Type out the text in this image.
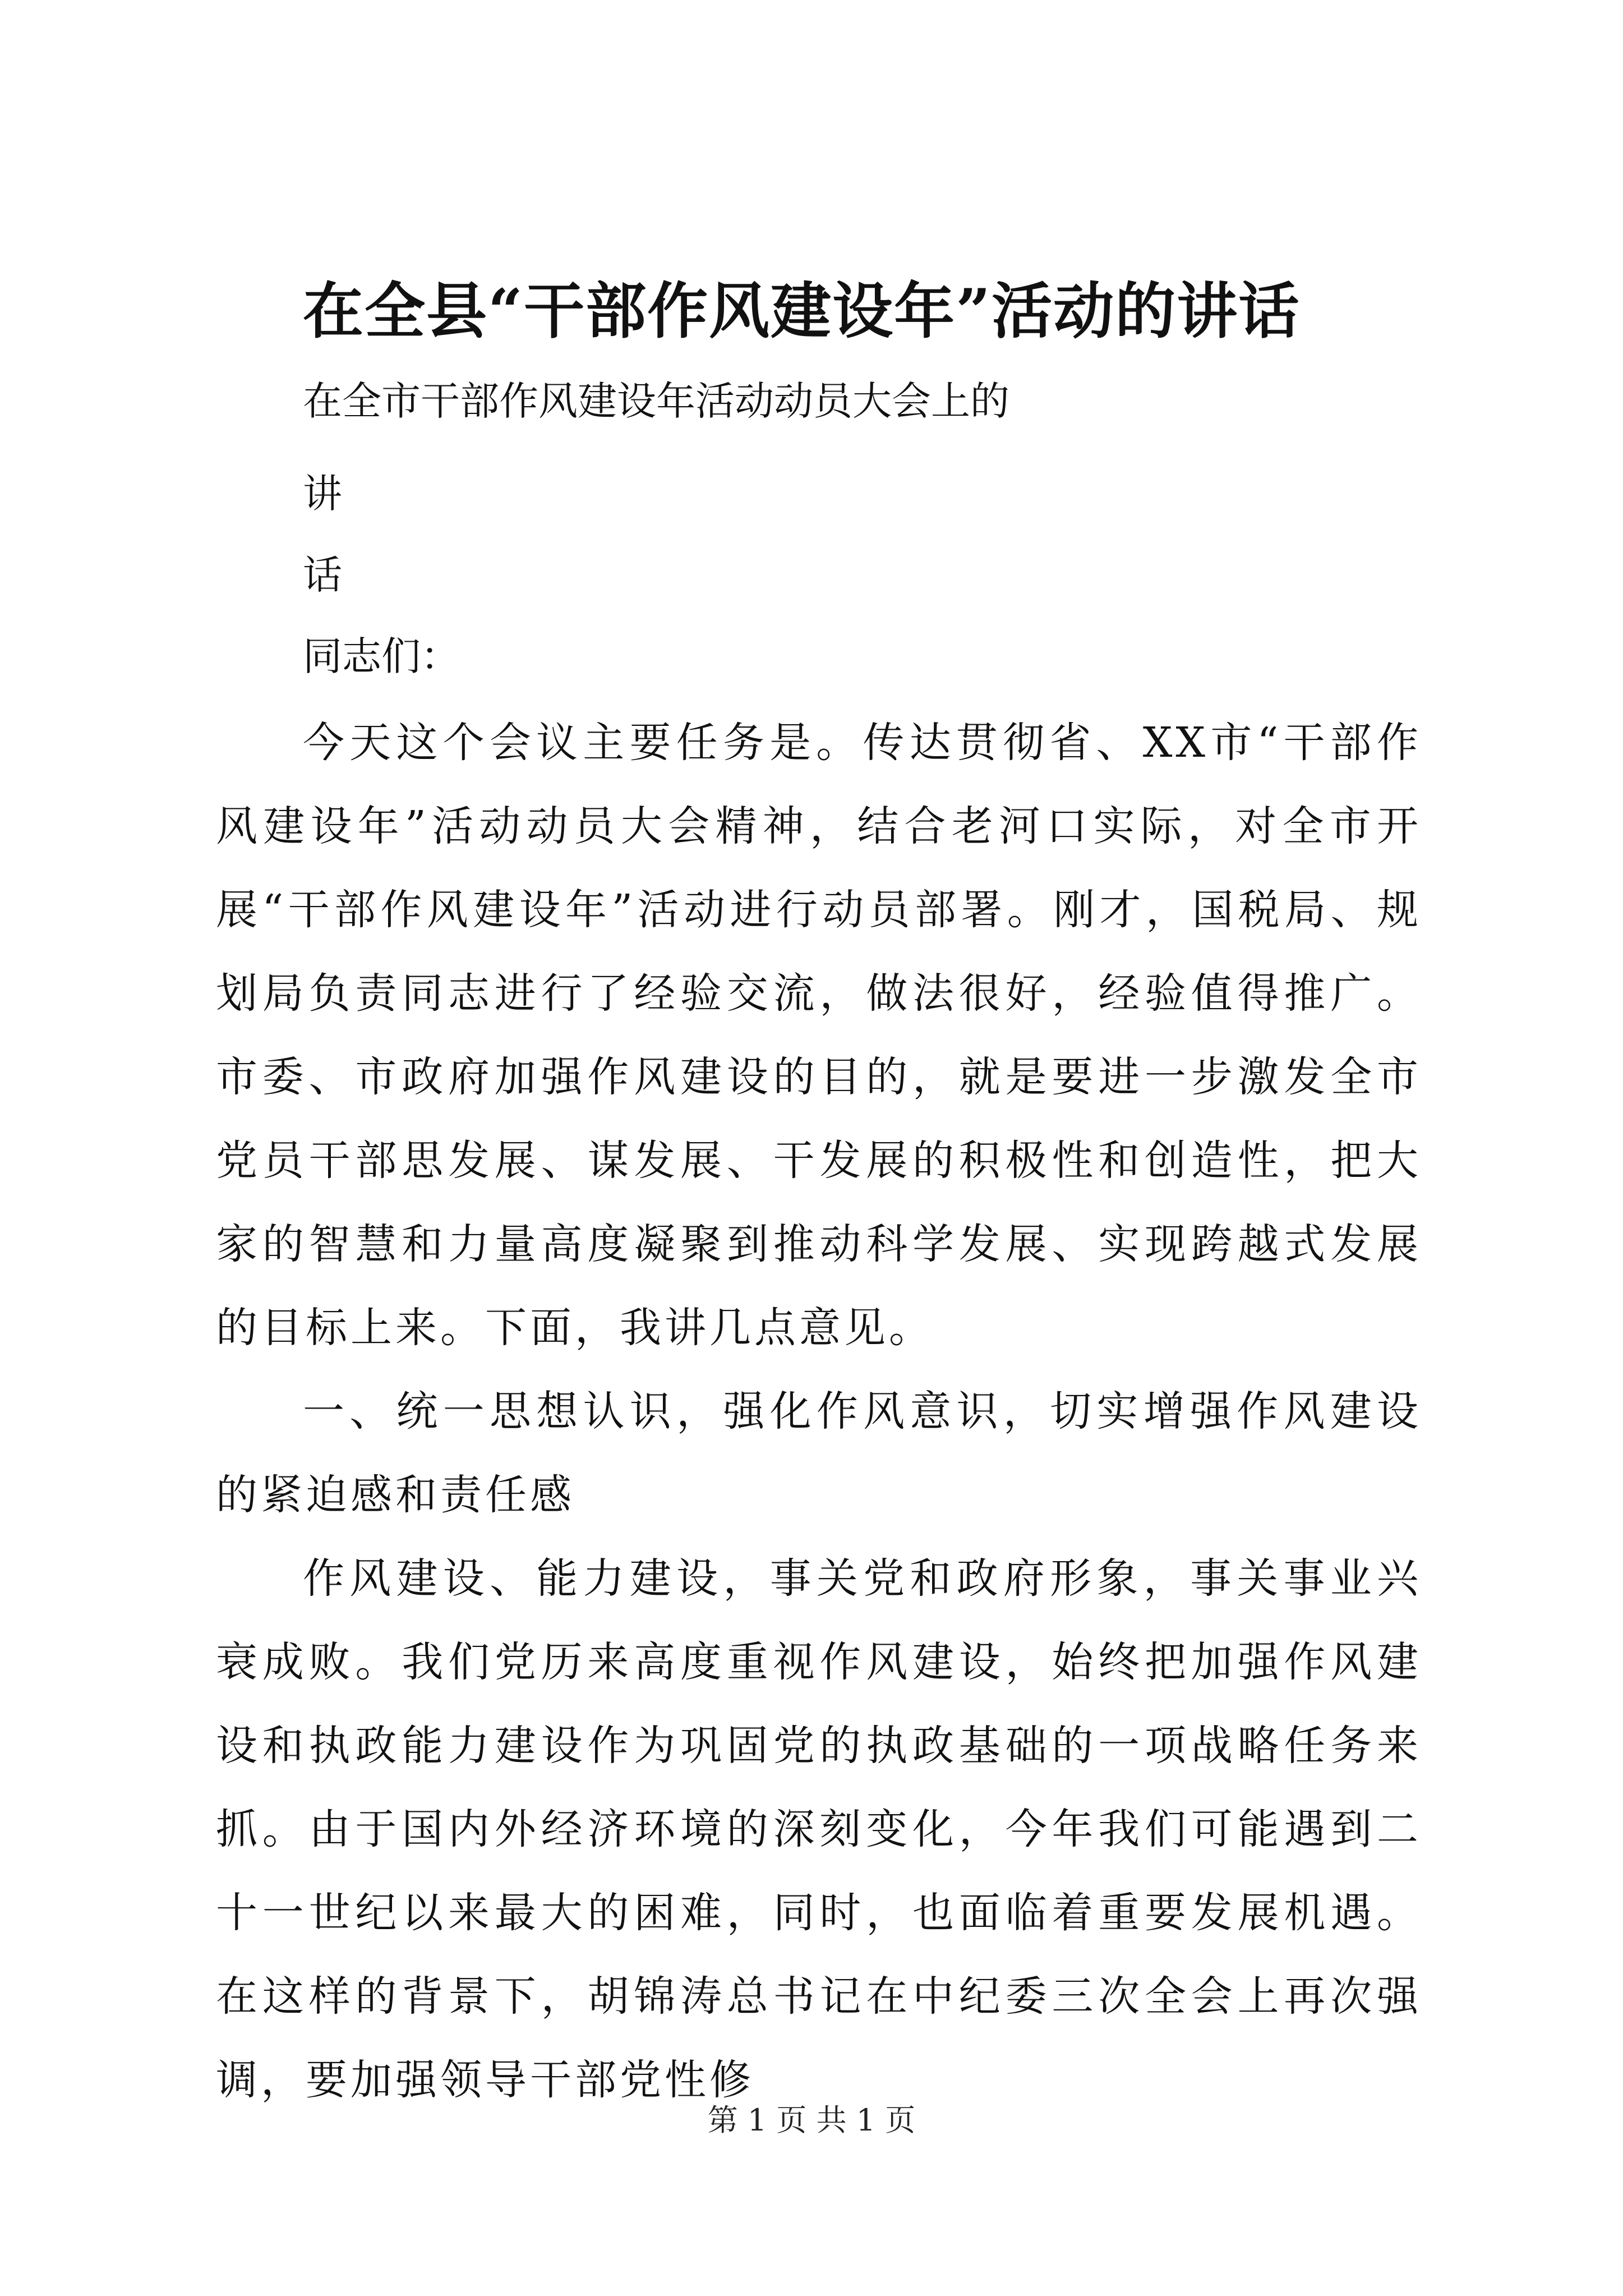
在全县“干部作风建设年”活动的讲话
在全市干部作风建设年活动动员大会上的
讲
话
同志们：
今天这个会议主要任务是。传达贯彻省、XX市“干部作风建设年”活动动员大会精神，结合老河口实际，对全市开展“干部作风建设年”活动进行动员部署。刚才，国税局、规划局负责同志进行了经验交流，做法很好，经验值得推广。市委、市政府加强作风建设的目的，就是要进一步激发全市党员干部思发展、谋发展、干发展的积极性和创造性，把大家的智慧和力量高度凝聚到推动科学发展、实现跨越式发展的目标上来。下面，我讲几点意见。
一、统一思想认识，强化作风意识，切实增强作风建设的紧迫感和责任感
作风建设、能力建设，事关党和政府形象，事关事业兴衰成败。我们党历来高度重视作风建设，始终把加强作风建设和执政能力建设作为巩固党的执政基础的一项战略任务来抓。由于国内外经济环境的深刻变化，今年我们可能遇到二十一世纪以来最大的困难，同时，也面临着重要发展机遇。在这样的背景下，胡锦涛总书记在中纪委三次全会上再次强调，要加强领导干部党性修
第 1 页 共 1 页
